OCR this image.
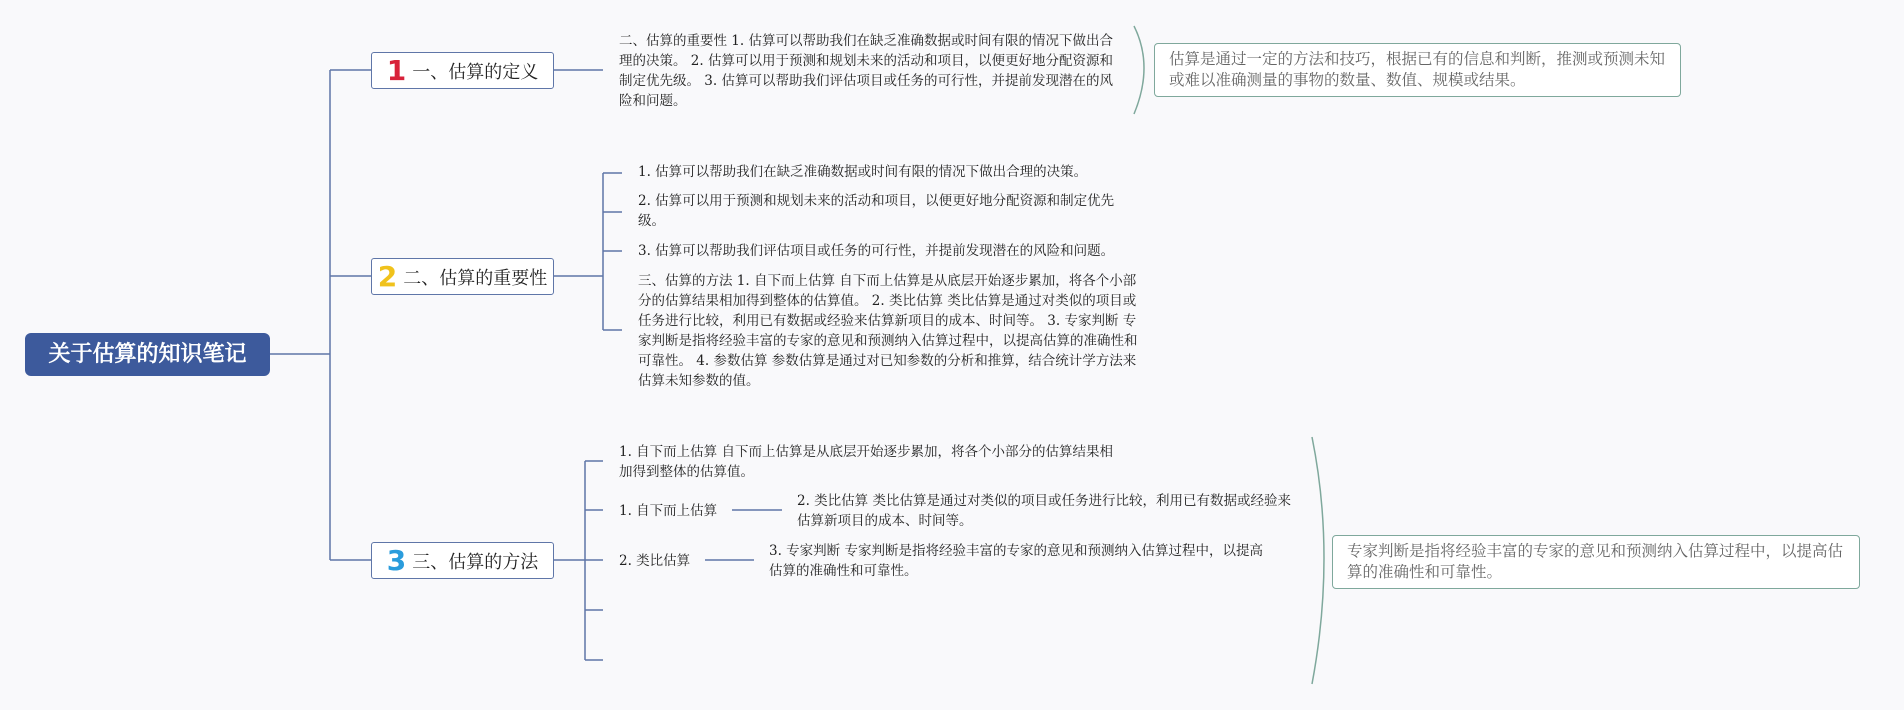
关于估算的知识笔记
1 一、估算的定义
2 二、估算的重要性
3 三、估算的方法
二、估算的重要性 1. 估算可以帮助我们在缺乏准确数据或时间有限的情况下做出合理的决策。 2. 估算可以用于预测和规划未来的活动和项目，以便更好地分配资源和制定优先级。 3. 估算可以帮助我们评估项目或任务的可行性，并提前发现潜在的风险和问题。
估算是通过一定的方法和技巧，根据已有的信息和判断，推测或预测未知或难以准确测量的事物的数量、数值、规模或结果。
1. 估算可以帮助我们在缺乏准确数据或时间有限的情况下做出合理的决策。
2. 估算可以用于预测和规划未来的活动和项目，以便更好地分配资源和制定优先级。
3. 估算可以帮助我们评估项目或任务的可行性，并提前发现潜在的风险和问题。
三、估算的方法 1. 自下而上估算 自下而上估算是从底层开始逐步累加，将各个小部分的估算结果相加得到整体的估算值。 2. 类比估算 类比估算是通过对类似的项目或任务进行比较，利用已有数据或经验来估算新项目的成本、时间等。 3. 专家判断 专家判断是指将经验丰富的专家的意见和预测纳入估算过程中，以提高估算的准确性和可靠性。 4. 参数估算 参数估算是通过对已知参数的分析和推算，结合统计学方法来估算未知参数的值。
1. 自下而上估算 自下而上估算是从底层开始逐步累加，将各个小部分的估算结果相加得到整体的估算值。
1. 自下而上估算
2. 类比估算 类比估算是通过对类似的项目或任务进行比较，利用已有数据或经验来估算新项目的成本、时间等。
2. 类比估算
3. 专家判断 专家判断是指将经验丰富的专家的意见和预测纳入估算过程中，以提高估算的准确性和可靠性。
专家判断是指将经验丰富的专家的意见和预测纳入估算过程中，以提高估算的准确性和可靠性。
